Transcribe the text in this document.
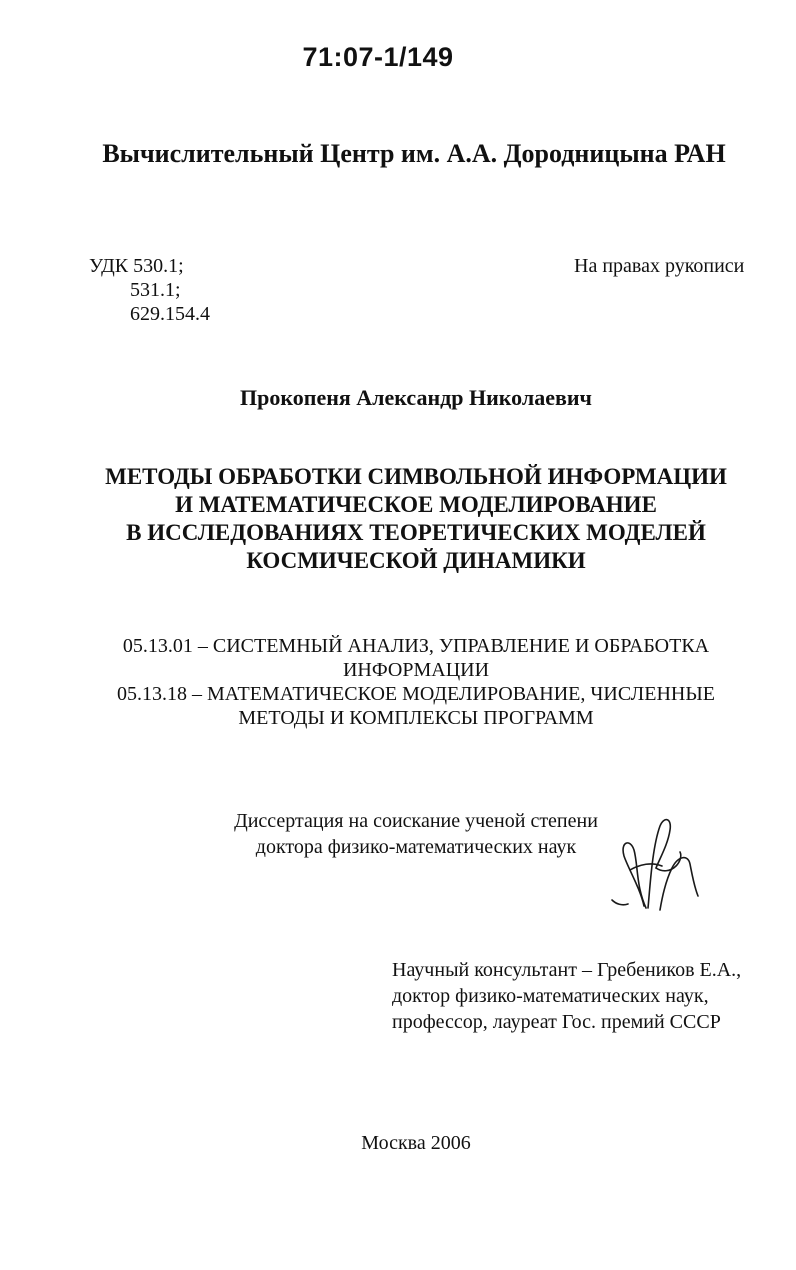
71:07-1/149
Вычислительный Центр им. А.А. Дородницына РАН
УДК 530.1;
531.1;
629.154.4
На правах рукописи
Прокопеня Александр Николаевич
МЕТОДЫ ОБРАБОТКИ СИМВОЛЬНОЙ ИНФОРМАЦИИ
И МАТЕМАТИЧЕСКОЕ МОДЕЛИРОВАНИЕ
В ИССЛЕДОВАНИЯХ ТЕОРЕТИЧЕСКИХ МОДЕЛЕЙ
КОСМИЧЕСКОЙ ДИНАМИКИ
05.13.01 – СИСТЕМНЫЙ АНАЛИЗ, УПРАВЛЕНИЕ И ОБРАБОТКА
ИНФОРМАЦИИ
05.13.18 – МАТЕМАТИЧЕСКОЕ МОДЕЛИРОВАНИЕ, ЧИСЛЕННЫЕ
МЕТОДЫ И КОМПЛЕКСЫ ПРОГРАММ
Диссертация на соискание ученой степени
доктора физико-математических наук
Научный консультант – Гребеников Е.А.,
доктор физико-математических наук,
профессор, лауреат Гос. премий СССР
Москва 2006
